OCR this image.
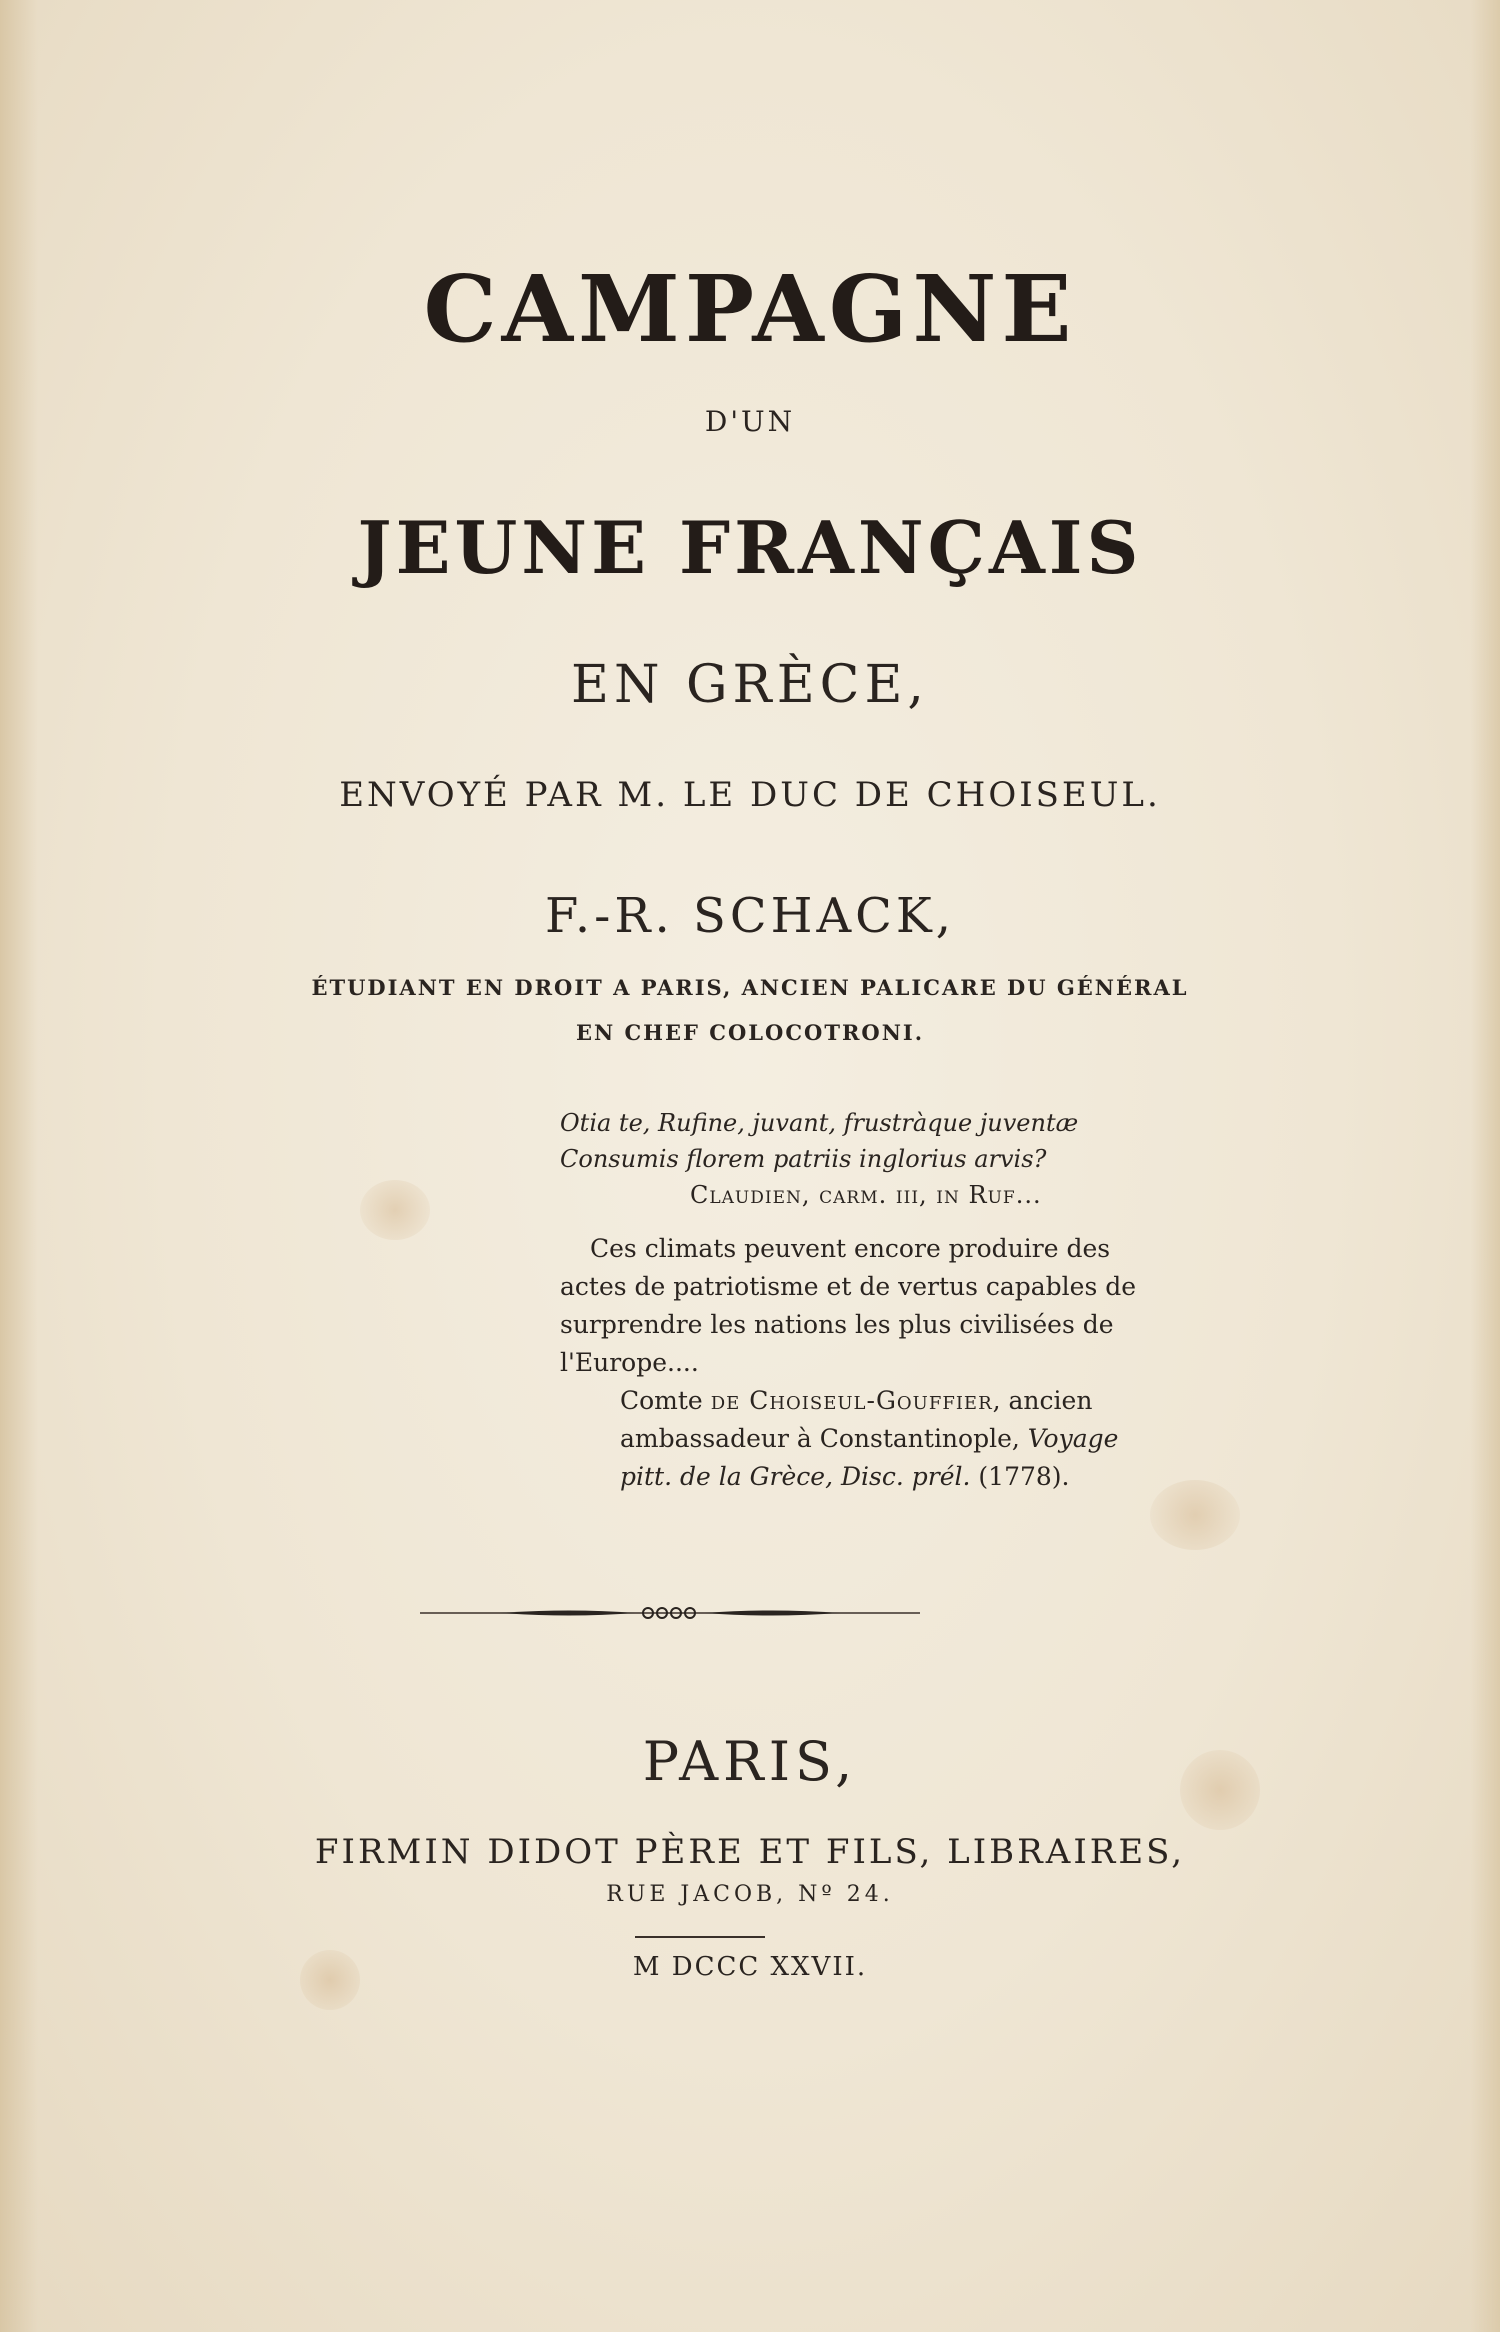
CAMPAGNE
D'UN
JEUNE FRANÇAIS
EN GRÈCE,
ENVOYÉ PAR M. LE DUC DE CHOISEUL.
F.-R. SCHACK,
ÉTUDIANT EN DROIT A PARIS, ANCIEN PALICARE DU GÉNÉRAL
EN CHEF COLOCOTRONI.
Otia te, Rufine, juvant, frustràque juventæ
Consumis florem patriis inglorius arvis?
Claudien, carm. iii, in Ruf...
Ces climats peuvent encore produire des
actes de patriotisme et de vertus capables de
surprendre les nations les plus civilisées de
l'Europe....
Comte de Choiseul-Gouffier, ancien
ambassadeur à Constantinople, Voyage
pitt. de la Grèce, Disc. prél. (1778).
PARIS,
FIRMIN DIDOT PÈRE ET FILS, LIBRAIRES,
RUE JACOB, Nº 24.
M DCCC XXVII.
